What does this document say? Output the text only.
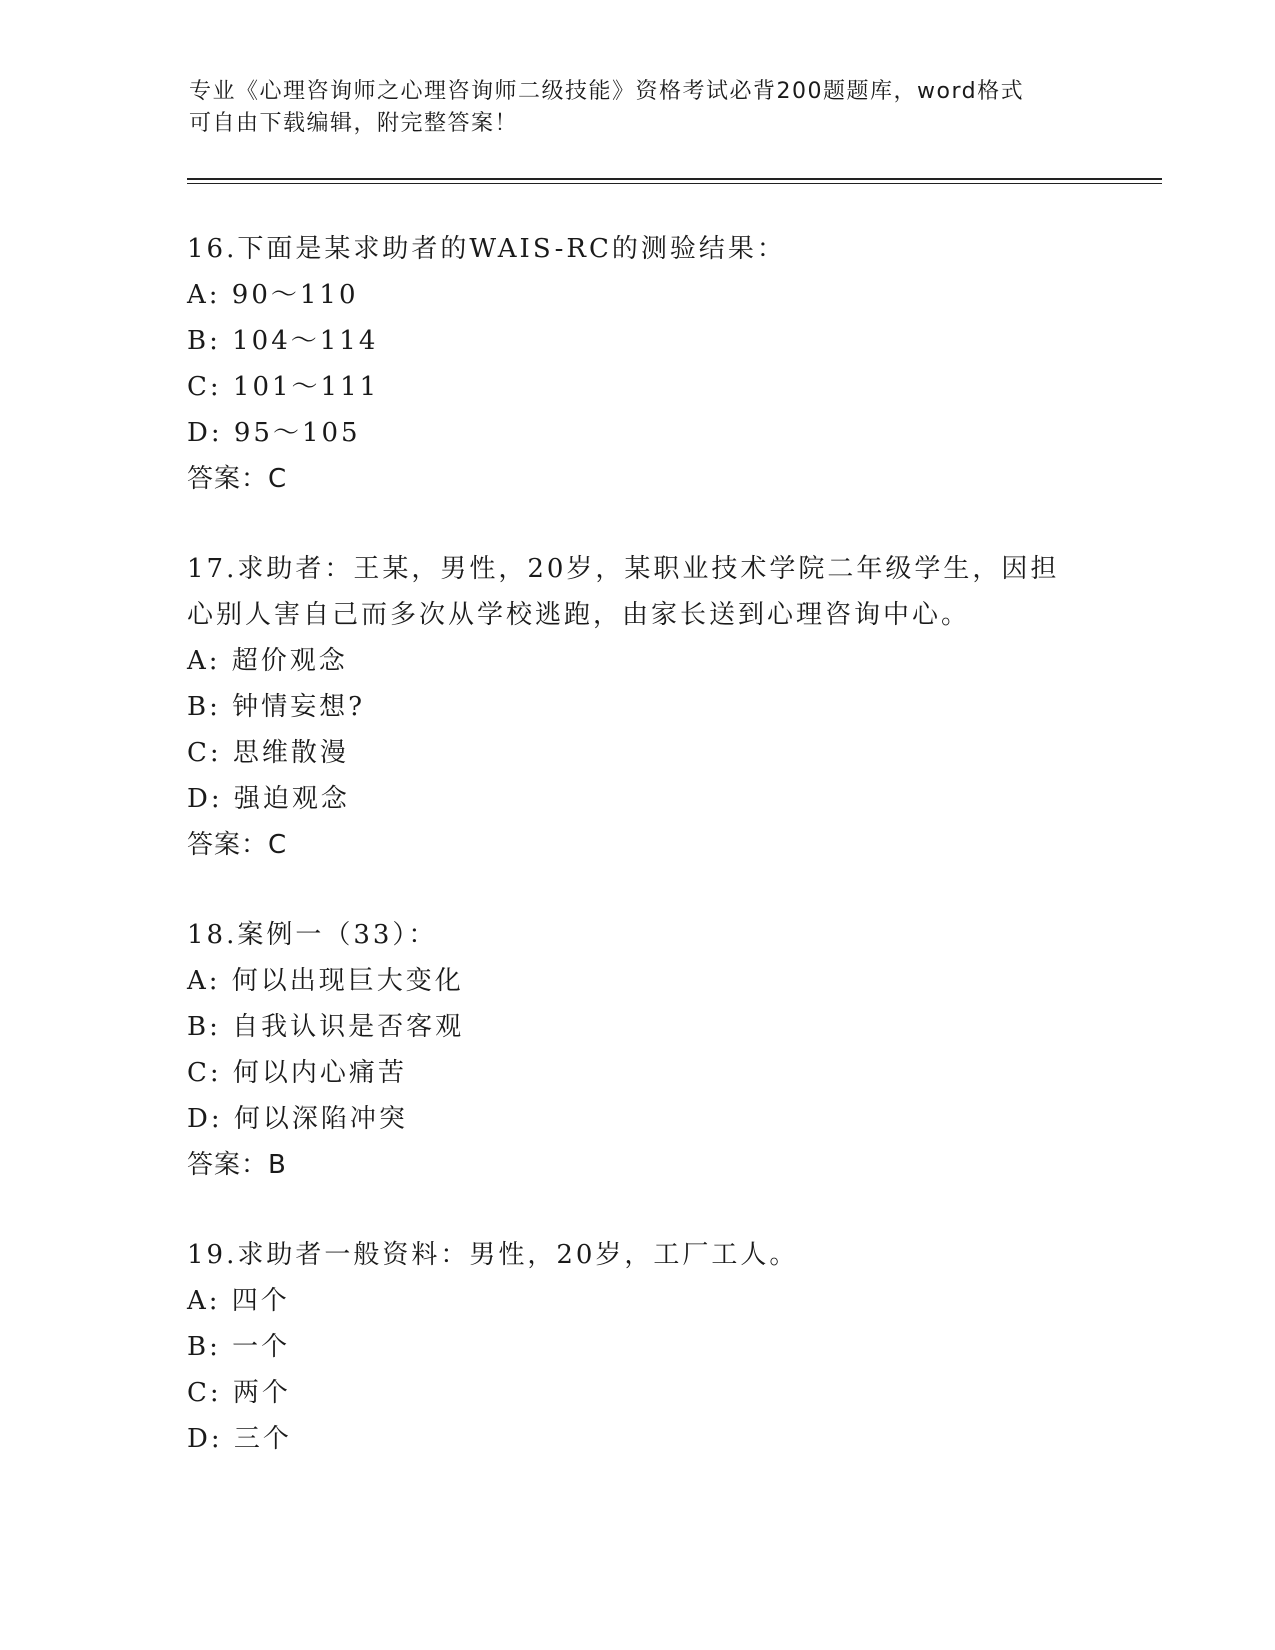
专业《心理咨询师之心理咨询师二级技能》资格考试必背200题题库，word格式
可自由下载编辑，附完整答案！
16.下面是某求助者的WAIS-RC的测验结果：
A: 90～110
B: 104～114
C: 101～111
D: 95～105
答案：C
17.求助者：王某，男性，20岁，某职业技术学院二年级学生，因担心别人害自己而多次从学校逃跑，由家长送到心理咨询中心。
A: 超价观念
B: 钟情妄想?
C: 思维散漫
D: 强迫观念
答案：C
18.案例一（33）：
A: 何以出现巨大变化
B: 自我认识是否客观
C: 何以内心痛苦
D: 何以深陷冲突
答案：B
19.求助者一般资料：男性，20岁，工厂工人。
A: 四个
B: 一个
C: 两个
D: 三个
